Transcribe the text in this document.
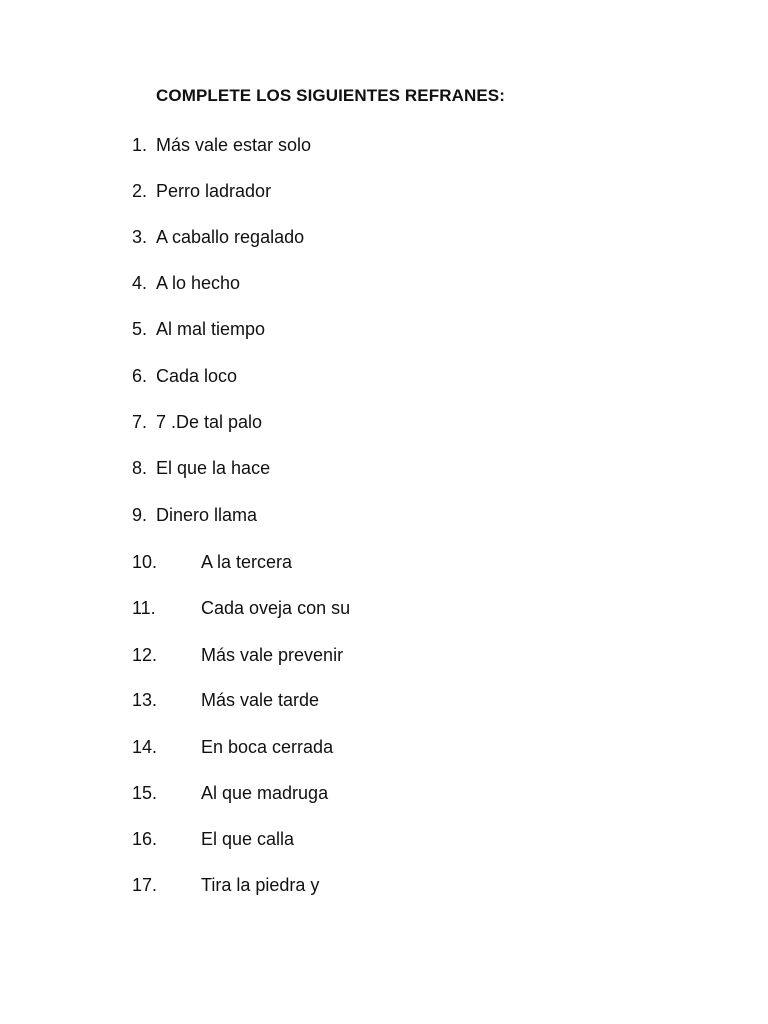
COMPLETE LOS SIGUIENTES REFRANES:
1. Más vale estar solo
2. Perro ladrador
3. A caballo regalado
4. A lo hecho
5. Al mal tiempo
6. Cada loco
7. 7 .De tal palo
8. El que la hace
9. Dinero llama
10. A la tercera
11.	Cada oveja con su
12. Más vale prevenir
13. Más vale tarde
14. En boca cerrada
15. Al que madruga
16. El que calla
17. Tira la piedra y
